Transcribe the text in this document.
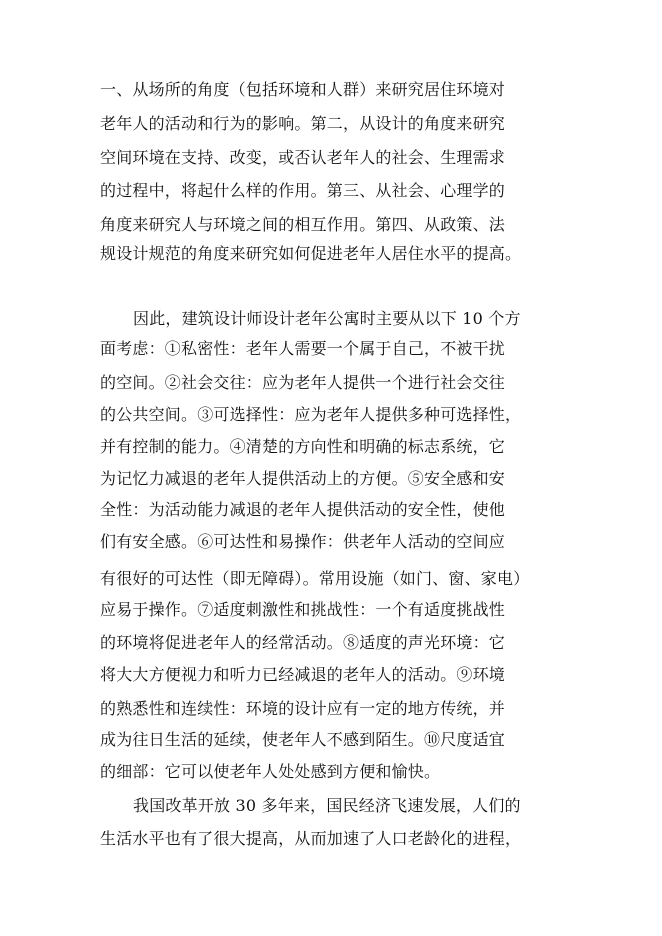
一、从场所的角度（包括环境和人群）来研究居住环境对
老年人的活动和行为的影响。第二，从设计的角度来研究
空间环境在支持、改变，或否认老年人的社会、生理需求
的过程中，将起什么样的作用。第三、从社会、心理学的
角度来研究人与环境之间的相互作用。第四、从政策、法
规设计规范的角度来研究如何促进老年人居住水平的提高。
因此，建筑设计师设计老年公寓时主要从以下 10 个方
面考虑：①私密性：老年人需要一个属于自己，不被干扰
的空间。②社会交往：应为老年人提供一个进行社会交往
的公共空间。③可选择性：应为老年人提供多种可选择性，
并有控制的能力。④清楚的方向性和明确的标志系统，它
为记忆力减退的老年人提供活动上的方便。⑤安全感和安
全性：为活动能力减退的老年人提供活动的安全性，使他
们有安全感。⑥可达性和易操作：供老年人活动的空间应
有很好的可达性（即无障碍）。常用设施（如门、窗、家电）
应易于操作。⑦适度刺激性和挑战性：一个有适度挑战性
的环境将促进老年人的经常活动。⑧适度的声光环境：它
将大大方便视力和听力已经减退的老年人的活动。⑨环境
的熟悉性和连续性：环境的设计应有一定的地方传统，并
成为往日生活的延续，使老年人不感到陌生。⑩尺度适宜
的细部：它可以使老年人处处感到方便和愉快。
我国改革开放 30 多年来，国民经济飞速发展，人们的
生活水平也有了很大提高，从而加速了人口老龄化的进程，
